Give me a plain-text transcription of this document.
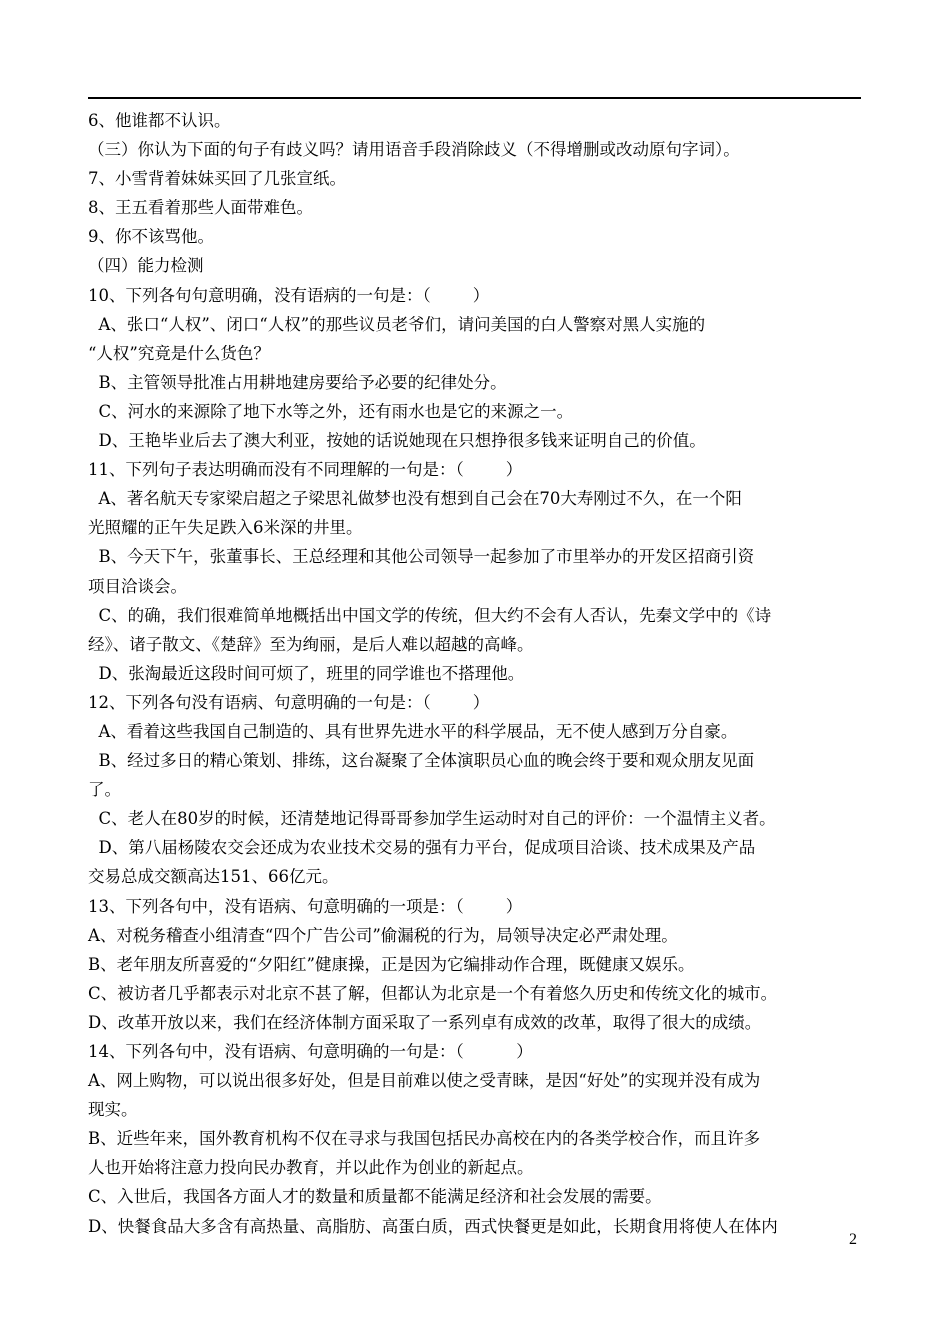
6、他谁都不认识。
（三）你认为下面的句子有歧义吗？请用语音手段消除歧义（不得增删或改动原句字词）。
7、小雪背着妹妹买回了几张宣纸。
8、王五看着那些人面带难色。
9、你不该骂他。
（四）能力检测
10、下列各句句意明确，没有语病的一句是：（        ）
A、张口“人权”、闭口“人权”的那些议员老爷们，请问美国的白人警察对黑人实施的
“人权”究竟是什么货色？
B、主管领导批准占用耕地建房要给予必要的纪律处分。
C、河水的来源除了地下水等之外，还有雨水也是它的来源之一。
D、王艳毕业后去了澳大利亚，按她的话说她现在只想挣很多钱来证明自己的价值。
11、下列句子表达明确而没有不同理解的一句是：（        ）
A、著名航天专家梁启超之子梁思礼做梦也没有想到自己会在70大寿刚过不久，在一个阳
光照耀的正午失足跌入6米深的井里。
B、今天下午，张董事长、王总经理和其他公司领导一起参加了市里举办的开发区招商引资
项目洽谈会。
C、的确，我们很难简单地概括出中国文学的传统，但大约不会有人否认，先秦文学中的《诗
经》、诸子散文、《楚辞》至为绚丽，是后人难以超越的高峰。
D、张淘最近这段时间可烦了，班里的同学谁也不搭理他。
12、下列各句没有语病、句意明确的一句是：（        ）
A、看着这些我国自己制造的、具有世界先进水平的科学展品，无不使人感到万分自豪。
B、经过多日的精心策划、排练，这台凝聚了全体演职员心血的晚会终于要和观众朋友见面
了。
C、老人在80岁的时候，还清楚地记得哥哥参加学生运动时对自己的评价：一个温情主义者。
D、第八届杨陵农交会还成为农业技术交易的强有力平台，促成项目洽谈、技术成果及产品
交易总成交额高达151、66亿元。
13、下列各句中，没有语病、句意明确的一项是：（        ）
A、对税务稽查小组清查“四个广告公司”偷漏税的行为，局领导决定必严肃处理。
B、老年朋友所喜爱的“夕阳红”健康操，正是因为它编排动作合理，既健康又娱乐。
C、被访者几乎都表示对北京不甚了解，但都认为北京是一个有着悠久历史和传统文化的城市。
D、改革开放以来，我们在经济体制方面采取了一系列卓有成效的改革，取得了很大的成绩。
14、下列各句中，没有语病、句意明确的一句是：（          ）
A、网上购物，可以说出很多好处，但是目前难以使之受青睐，是因“好处”的实现并没有成为
现实。
B、近些年来，国外教育机构不仅在寻求与我国包括民办高校在内的各类学校合作，而且许多
人也开始将注意力投向民办教育，并以此作为创业的新起点。
C、入世后，我国各方面人才的数量和质量都不能满足经济和社会发展的需要。
D、快餐食品大多含有高热量、高脂肪、高蛋白质，西式快餐更是如此，长期食用将使人在体内
2
